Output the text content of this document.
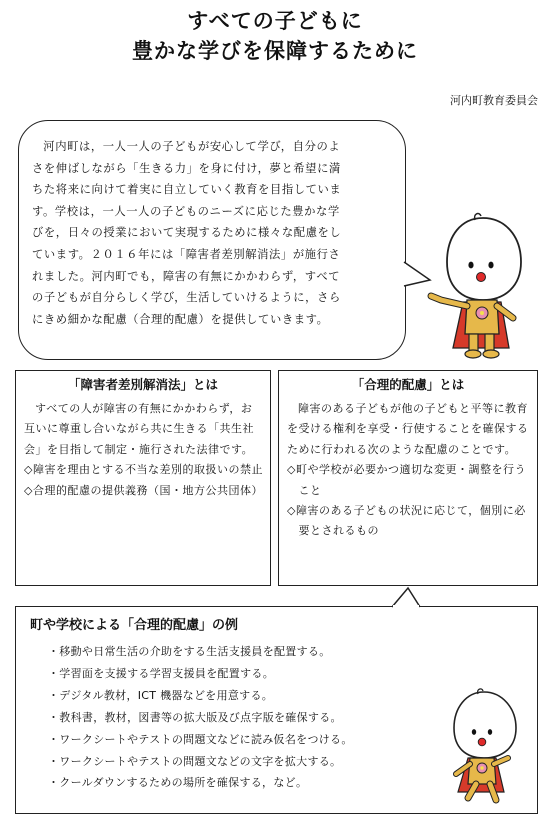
すべての子どもに
豊かな学びを保障するために
河内町教育委員会
河内町は，一人一人の子どもが安心して学び，自分のよ
さを伸ばしながら「生きる力」を身に付け，夢と希望に満
ちた将来に向けて着実に自立していく教育を目指していま
す。学校は，一人一人の子どものニーズに応じた豊かな学
びを，日々の授業において実現するために様々な配慮をし
ています。２０１６年には「障害者差別解消法」が施行さ
れました。河内町でも，障害の有無にかかわらず，すべて
の子どもが自分らしく学び，生活していけるように，さら
にきめ細かな配慮（合理的配慮）を提供していきます。
「障害者差別解消法」とは

すべての人が障害の有無にかかわらず，お互いに尊重し合いながら共に生きる「共生社会」を目指して制定・施行された法律です。

◇障害を理由とする不当な差別的取扱いの禁止
◇合理的配慮の提供義務（国・地方公共団体）
「合理的配慮」とは

障害のある子どもが他の子どもと平等に教育を受ける権利を享受・行使することを確保するために行われる次のような配慮のことです。

◇町や学校が必要かつ適切な変更・調整を行うこと
◇障害のある子どもの状況に応じて，個別に必要とされるもの
町や学校による「合理的配慮」の例
・移動や日常生活の介助をする生活支援員を配置する。
・学習面を支援する学習支援員を配置する。
・デジタル教材，ICT 機器などを用意する。
・教科書，教材，図書等の拡大版及び点字版を確保する。
・ワークシートやテストの問題文などに読み仮名をつける。
・ワークシートやテストの問題文などの文字を拡大する。
・クールダウンするための場所を確保する，など。
